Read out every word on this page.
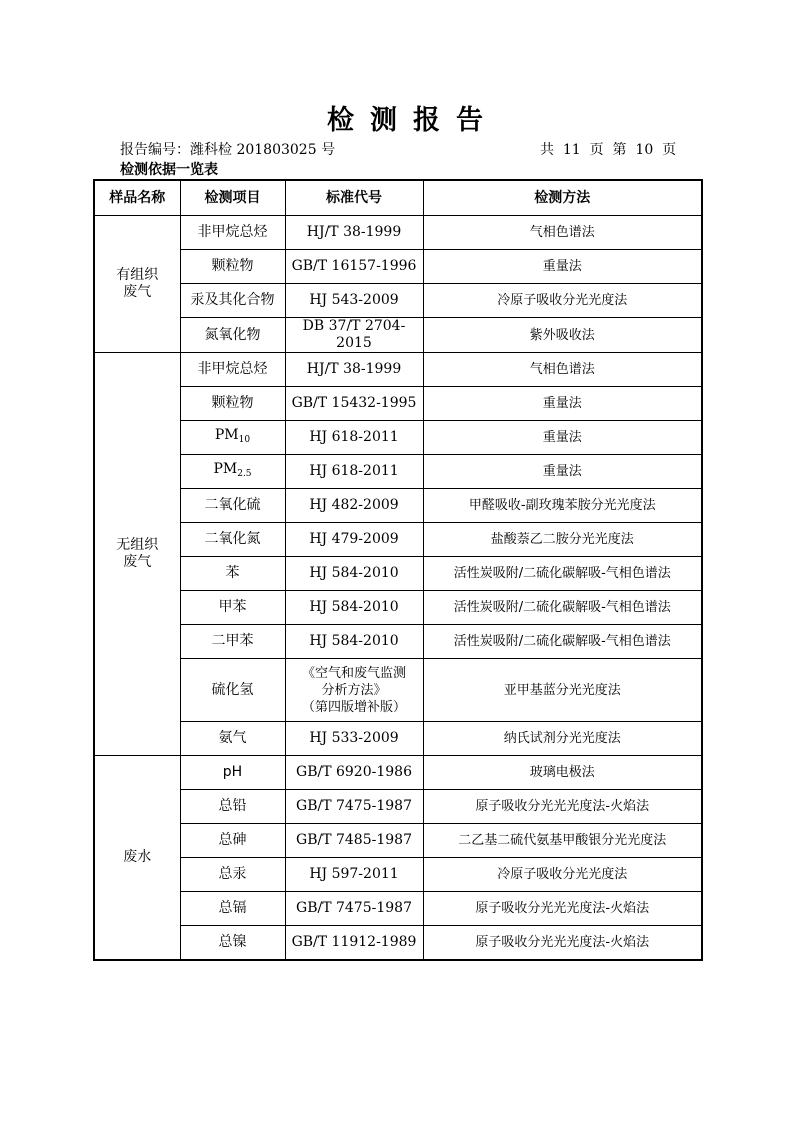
检测报告
报告编号：潍科检 201803025 号	共  11  页  第  10  页
检测依据一览表
样品名称	检测项目	标准代号	检测方法
有组织
废气	非甲烷总烃	HJ/T 38-1999	气相色谱法
	颗粒物	GB/T 16157-1996	重量法
	汞及其化合物	HJ 543-2009	冷原子吸收分光光度法
	氮氧化物	DB 37/T 2704-2015	紫外吸收法
无组织
废气	非甲烷总烃	HJ/T 38-1999	气相色谱法
	颗粒物	GB/T 15432-1995	重量法
	$PM_{10}$	HJ 618-2011	重量法
	$PM_{2.5}$	HJ 618-2011	重量法
	二氧化硫	HJ 482-2009	甲醛吸收-副玫瑰苯胺分光光度法
	二氧化氮	HJ 479-2009	盐酸萘乙二胺分光光度法
	苯	HJ 584-2010	活性炭吸附/二硫化碳解吸-气相色谱法
	甲苯	HJ 584-2010	活性炭吸附/二硫化碳解吸-气相色谱法
	二甲苯	HJ 584-2010	活性炭吸附/二硫化碳解吸-气相色谱法
	硫化氢	《空气和废气监测
分析方法》
（第四版增补版）	亚甲基蓝分光光度法
	氨气	HJ 533-2009	纳氏试剂分光光度法
废水	pH	GB/T 6920-1986	玻璃电极法
	总铅	GB/T 7475-1987	原子吸收分光光光度法-火焰法
	总砷	GB/T 7485-1987	二乙基二硫代氨基甲酸银分光光度法
	总汞	HJ 597-2011	冷原子吸收分光光度法
	总镉	GB/T 7475-1987	原子吸收分光光光度法-火焰法
	总镍	GB/T 11912-1989	原子吸收分光光光度法-火焰法
